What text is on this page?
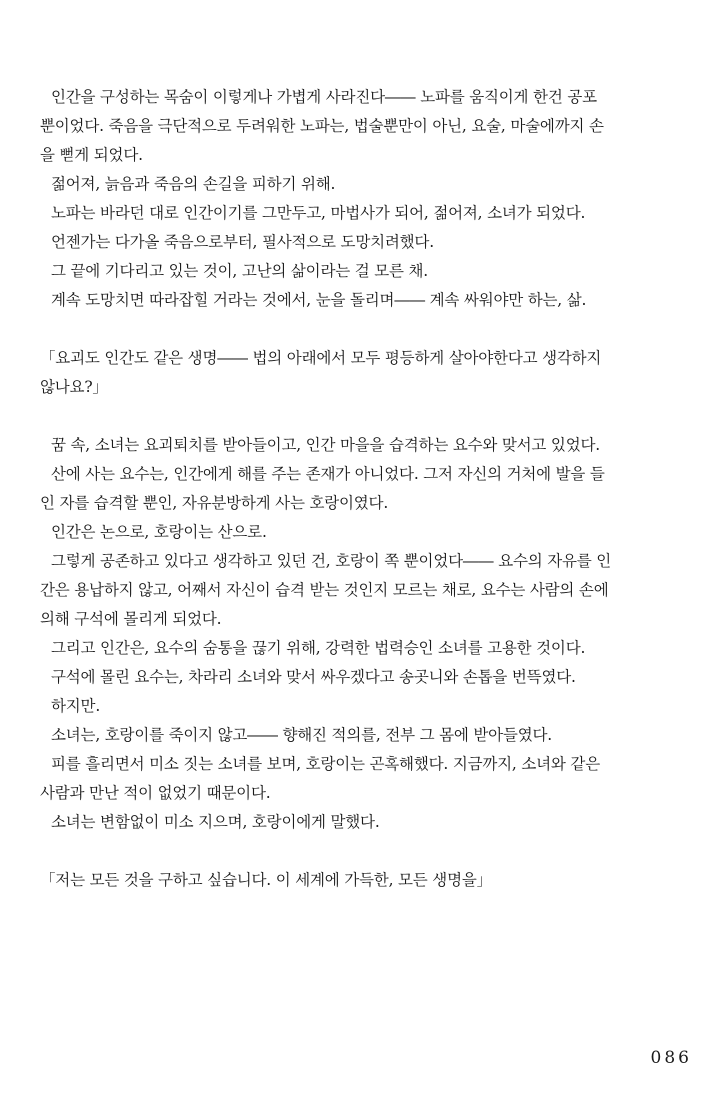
인간을 구성하는 목숨이 이렇게나 가볍게 사라진다―― 노파를 움직이게 한건 공포
뿐이었다. 죽음을 극단적으로 두려워한 노파는, 법술뿐만이 아닌, 요술, 마술에까지 손
을 뻗게 되었다.
젊어져, 늙음과 죽음의 손길을 피하기 위해.
노파는 바라던 대로 인간이기를 그만두고, 마법사가 되어, 젊어져, 소녀가 되었다.
언젠가는 다가올 죽음으로부터, 필사적으로 도망치려했다.
그 끝에 기다리고 있는 것이, 고난의 삶이라는 걸 모른 채.
계속 도망치면 따라잡힐 거라는 것에서, 눈을 돌리며―― 계속 싸워야만 하는, 삶.
「요괴도 인간도 같은 생명―― 법의 아래에서 모두 평등하게 살아야한다고 생각하지
않나요?」
꿈 속, 소녀는 요괴퇴치를 받아들이고, 인간 마을을 습격하는 요수와 맞서고 있었다.
산에 사는 요수는, 인간에게 해를 주는 존재가 아니었다. 그저 자신의 거처에 발을 들
인 자를 습격할 뿐인, 자유분방하게 사는 호랑이였다.
인간은 논으로, 호랑이는 산으로.
그렇게 공존하고 있다고 생각하고 있던 건, 호랑이 쪽 뿐이었다―― 요수의 자유를 인
간은 용납하지 않고, 어째서 자신이 습격 받는 것인지 모르는 채로, 요수는 사람의 손에
의해 구석에 몰리게 되었다.
그리고 인간은, 요수의 숨통을 끊기 위해, 강력한 법력승인 소녀를 고용한 것이다.
구석에 몰린 요수는, 차라리 소녀와 맞서 싸우겠다고 송곳니와 손톱을 번뜩였다.
하지만.
소녀는, 호랑이를 죽이지 않고―― 향해진 적의를, 전부 그 몸에 받아들였다.
피를 흘리면서 미소 짓는 소녀를 보며, 호랑이는 곤혹해했다. 지금까지, 소녀와 같은
사람과 만난 적이 없었기 때문이다.
소녀는 변함없이 미소 지으며, 호랑이에게 말했다.
「저는 모든 것을 구하고 싶습니다. 이 세계에 가득한, 모든 생명을」
086
